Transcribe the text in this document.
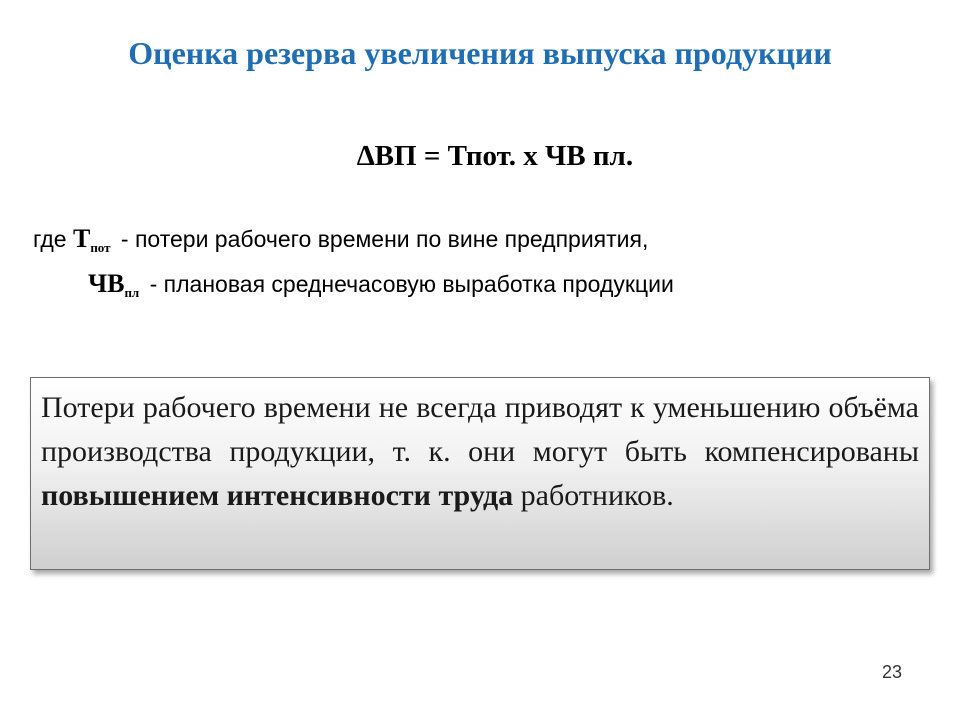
Оценка резерва увеличения выпуска продукции
∆ВП = Тпот. х ЧВ пл.
где $Т_{пот}$ - потери рабочего времени по вине предприятия,
$ЧВ_{пл}$ - плановая среднечасовую выработка продукции

Потери рабочего времени не всегда приводят к уменьшению объёма производства продукции, т. к. они могут быть компенсированы повышением интенсивности труда работников.

23
